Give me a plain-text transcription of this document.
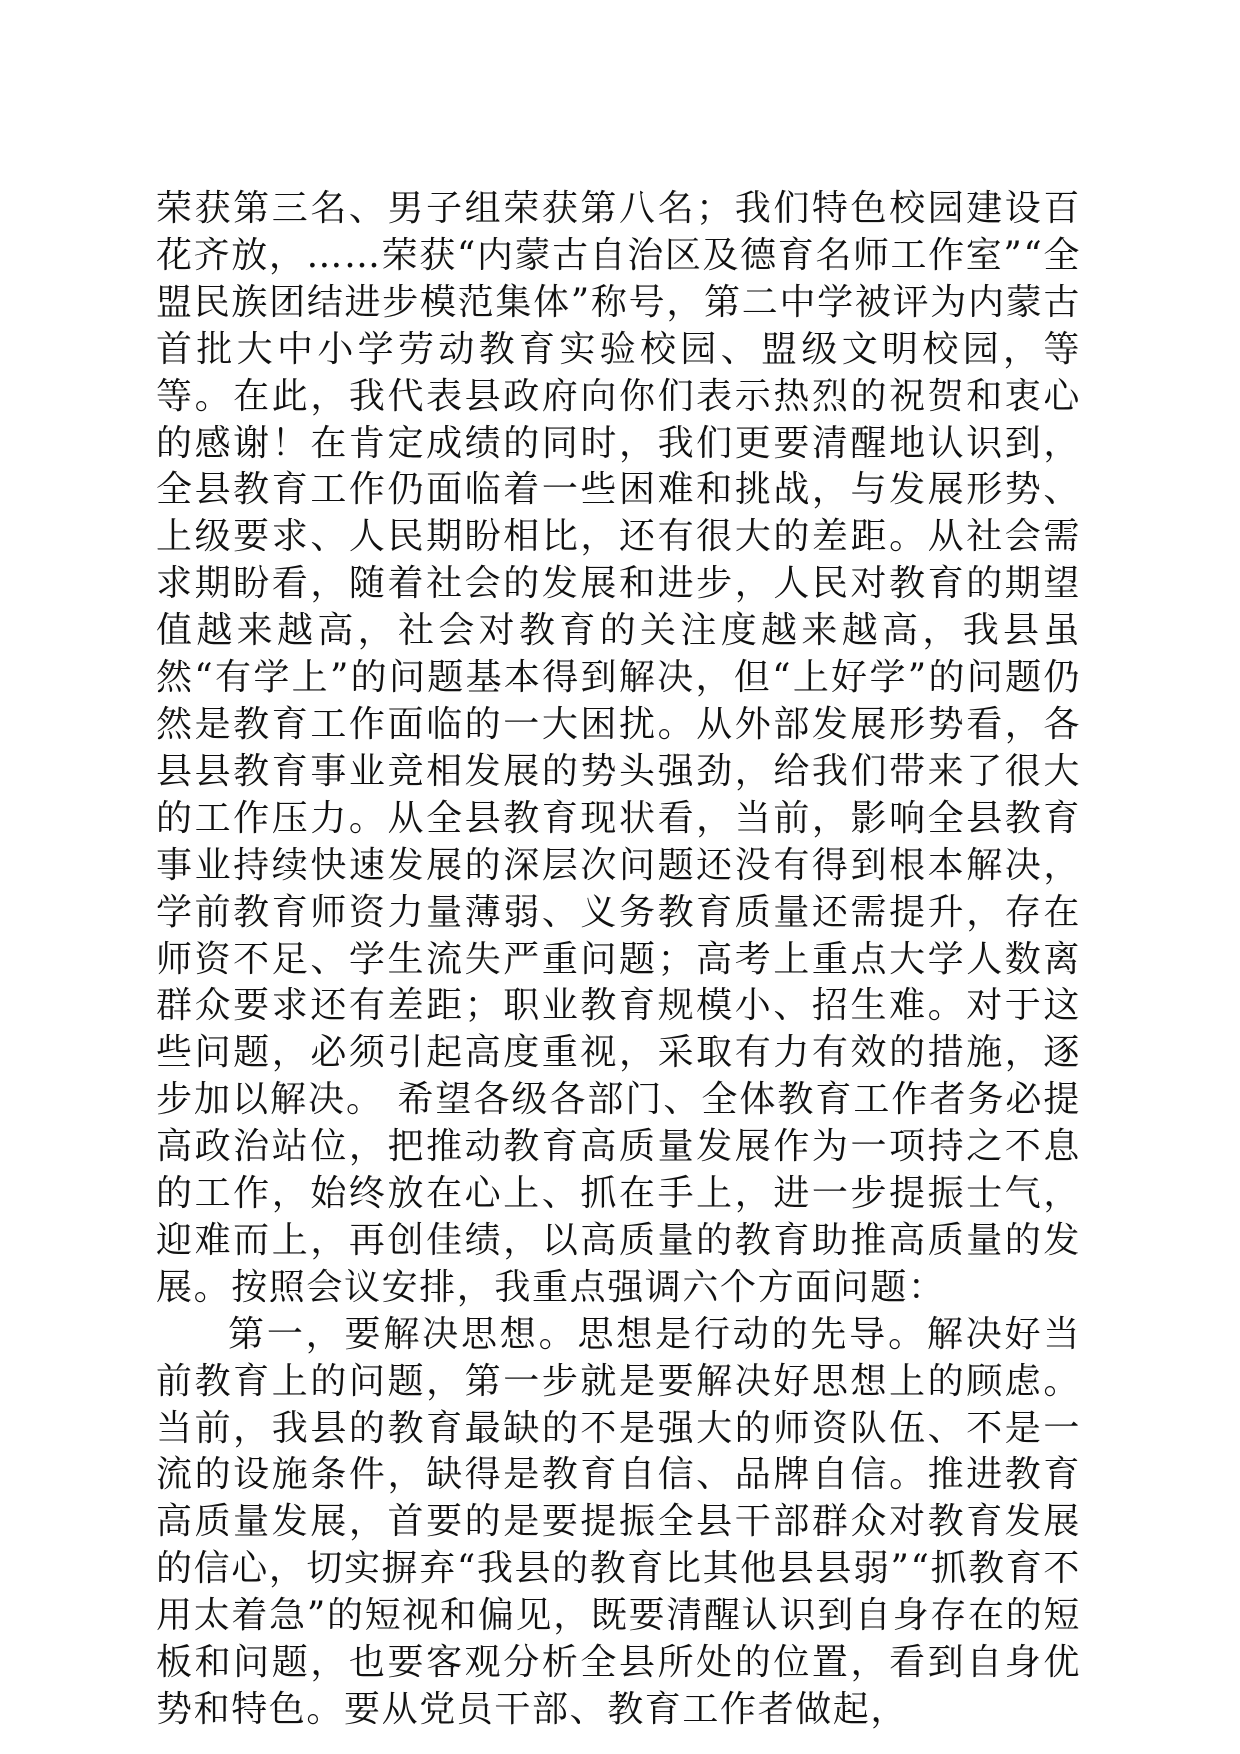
荣获第三名、男子组荣获第八名；我们特色校园建设百花齐放，……荣获“内蒙古自治区及德育名师工作室”“全盟民族团结进步模范集体”称号，第二中学被评为内蒙古首批大中小学劳动教育实验校园、盟级文明校园，等等。在此，我代表县政府向你们表示热烈的祝贺和衷心的感谢！在肯定成绩的同时，我们更要清醒地认识到，全县教育工作仍面临着一些困难和挑战，与发展形势、上级要求、人民期盼相比，还有很大的差距。从社会需求期盼看，随着社会的发展和进步，人民对教育的期望值越来越高，社会对教育的关注度越来越高，我县虽然“有学上”的问题基本得到解决，但“上好学”的问题仍然是教育工作面临的一大困扰。从外部发展形势看，各县县教育事业竞相发展的势头强劲，给我们带来了很大的工作压力。从全县教育现状看，当前，影响全县教育事业持续快速发展的深层次问题还没有得到根本解决，学前教育师资力量薄弱、义务教育质量还需提升，存在师资不足、学生流失严重问题；高考上重点大学人数离群众要求还有差距；职业教育规模小、招生难。对于这些问题，必须引起高度重视，采取有力有效的措施，逐步加以解决。 希望各级各部门、全体教育工作者务必提高政治站位，把推动教育高质量发展作为一项持之不息的工作，始终放在心上、抓在手上，进一步提振士气，迎难而上，再创佳绩，以高质量的教育助推高质量的发展。按照会议安排，我重点强调六个方面问题：

第一，要解决思想。思想是行动的先导。解决好当前教育上的问题，第一步就是要解决好思想上的顾虑。当前，我县的教育最缺的不是强大的师资队伍、不是一流的设施条件，缺得是教育自信、品牌自信。推进教育高质量发展，首要的是要提振全县干部群众对教育发展的信心，切实摒弃“我县的教育比其他县县弱”“抓教育不用太着急”的短视和偏见，既要清醒认识到自身存在的短板和问题，也要客观分析全县所处的位置，看到自身优势和特色。要从党员干部、教育工作者做起，
